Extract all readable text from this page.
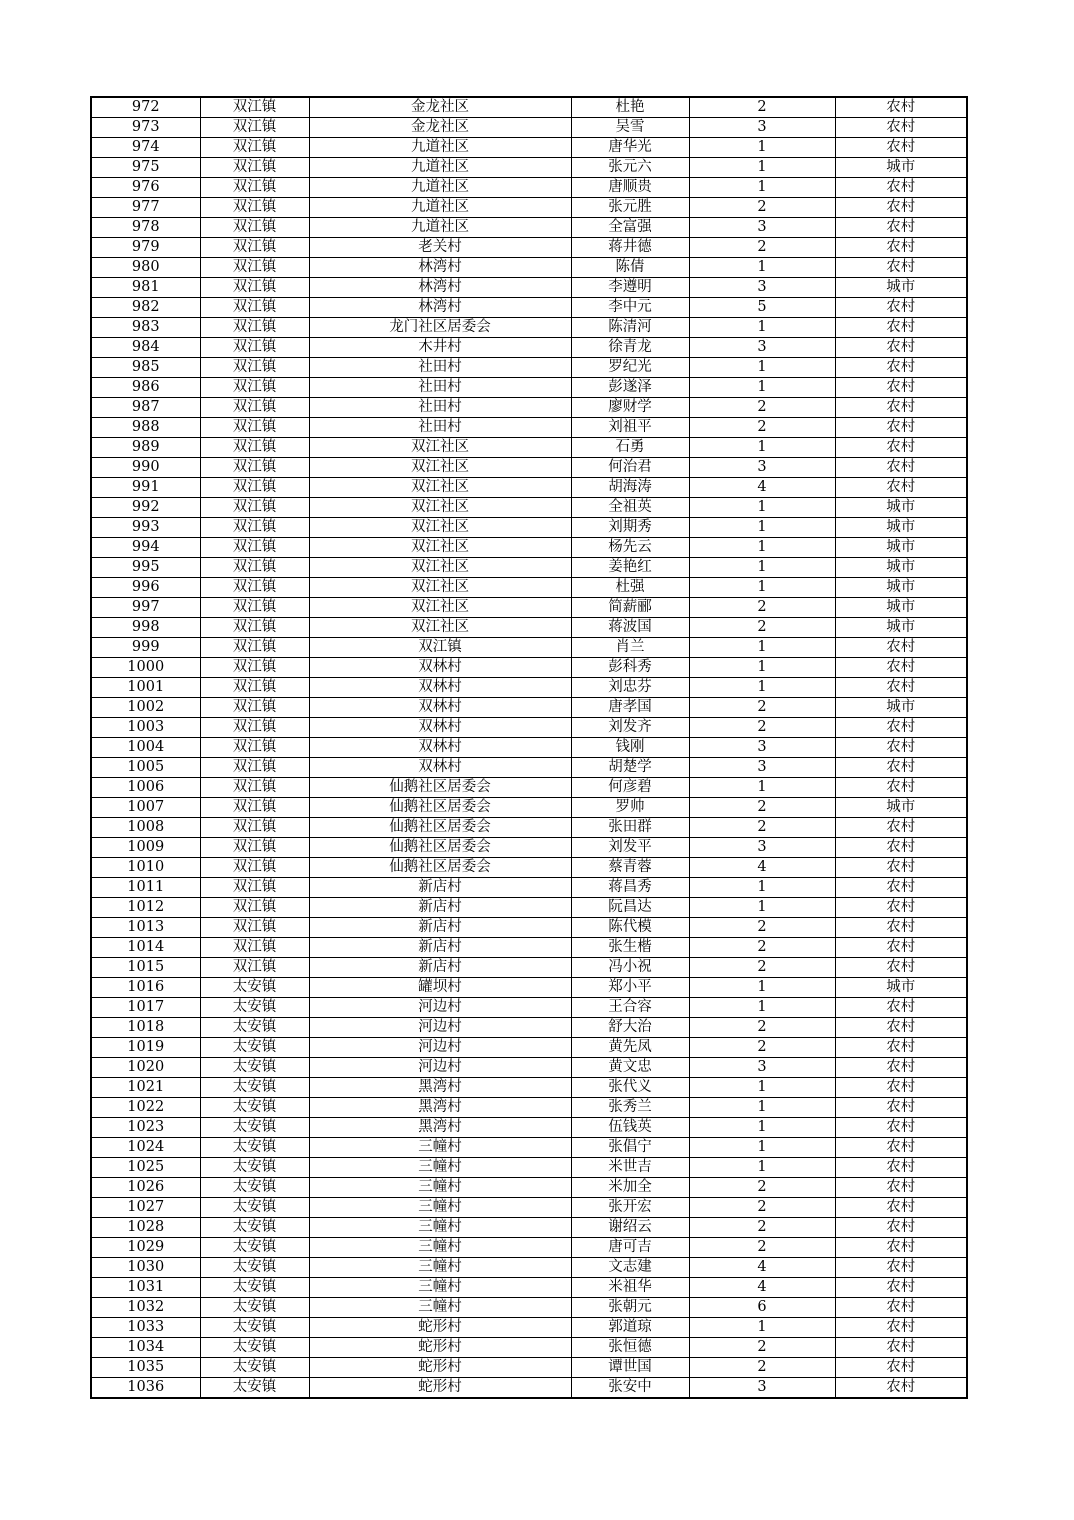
972	双江镇	金龙社区	杜艳	2	农村
973	双江镇	金龙社区	吴雪	3	农村
974	双江镇	九道社区	唐华光	1	农村
975	双江镇	九道社区	张元六	1	城市
976	双江镇	九道社区	唐顺贵	1	农村
977	双江镇	九道社区	张元胜	2	农村
978	双江镇	九道社区	全富强	3	农村
979	双江镇	老关村	蒋井德	2	农村
980	双江镇	林湾村	陈倩	1	农村
981	双江镇	林湾村	李遵明	3	城市
982	双江镇	林湾村	李中元	5	农村
983	双江镇	龙门社区居委会	陈清河	1	农村
984	双江镇	木井村	徐青龙	3	农村
985	双江镇	社田村	罗纪光	1	农村
986	双江镇	社田村	彭遂泽	1	农村
987	双江镇	社田村	廖财学	2	农村
988	双江镇	社田村	刘祖平	2	农村
989	双江镇	双江社区	石勇	1	农村
990	双江镇	双江社区	何治君	3	农村
991	双江镇	双江社区	胡海涛	4	农村
992	双江镇	双江社区	全祖英	1	城市
993	双江镇	双江社区	刘期秀	1	城市
994	双江镇	双江社区	杨先云	1	城市
995	双江镇	双江社区	姜艳红	1	城市
996	双江镇	双江社区	杜强	1	城市
997	双江镇	双江社区	简薪郦	2	城市
998	双江镇	双江社区	蒋波国	2	城市
999	双江镇	双江镇	肖兰	1	农村
1000	双江镇	双林村	彭科秀	1	农村
1001	双江镇	双林村	刘忠芬	1	农村
1002	双江镇	双林村	唐孝国	2	城市
1003	双江镇	双林村	刘发齐	2	农村
1004	双江镇	双林村	钱刚	3	农村
1005	双江镇	双林村	胡楚学	3	农村
1006	双江镇	仙鹅社区居委会	何彦碧	1	农村
1007	双江镇	仙鹅社区居委会	罗帅	2	城市
1008	双江镇	仙鹅社区居委会	张田群	2	农村
1009	双江镇	仙鹅社区居委会	刘发平	3	农村
1010	双江镇	仙鹅社区居委会	蔡青蓉	4	农村
1011	双江镇	新店村	蒋昌秀	1	农村
1012	双江镇	新店村	阮昌达	1	农村
1013	双江镇	新店村	陈代模	2	农村
1014	双江镇	新店村	张生楷	2	农村
1015	双江镇	新店村	冯小祝	2	农村
1016	太安镇	罐坝村	郑小平	1	城市
1017	太安镇	河边村	王合容	1	农村
1018	太安镇	河边村	舒大治	2	农村
1019	太安镇	河边村	黄先凤	2	农村
1020	太安镇	河边村	黄文忠	3	农村
1021	太安镇	黑湾村	张代义	1	农村
1022	太安镇	黑湾村	张秀兰	1	农村
1023	太安镇	黑湾村	伍钱英	1	农村
1024	太安镇	三幢村	张倡宁	1	农村
1025	太安镇	三幢村	米世吉	1	农村
1026	太安镇	三幢村	米加全	2	农村
1027	太安镇	三幢村	张开宏	2	农村
1028	太安镇	三幢村	谢绍云	2	农村
1029	太安镇	三幢村	唐可吉	2	农村
1030	太安镇	三幢村	文志建	4	农村
1031	太安镇	三幢村	米祖华	4	农村
1032	太安镇	三幢村	张朝元	6	农村
1033	太安镇	蛇形村	郭道琼	1	农村
1034	太安镇	蛇形村	张恒德	2	农村
1035	太安镇	蛇形村	谭世国	2	农村
1036	太安镇	蛇形村	张安中	3	农村
